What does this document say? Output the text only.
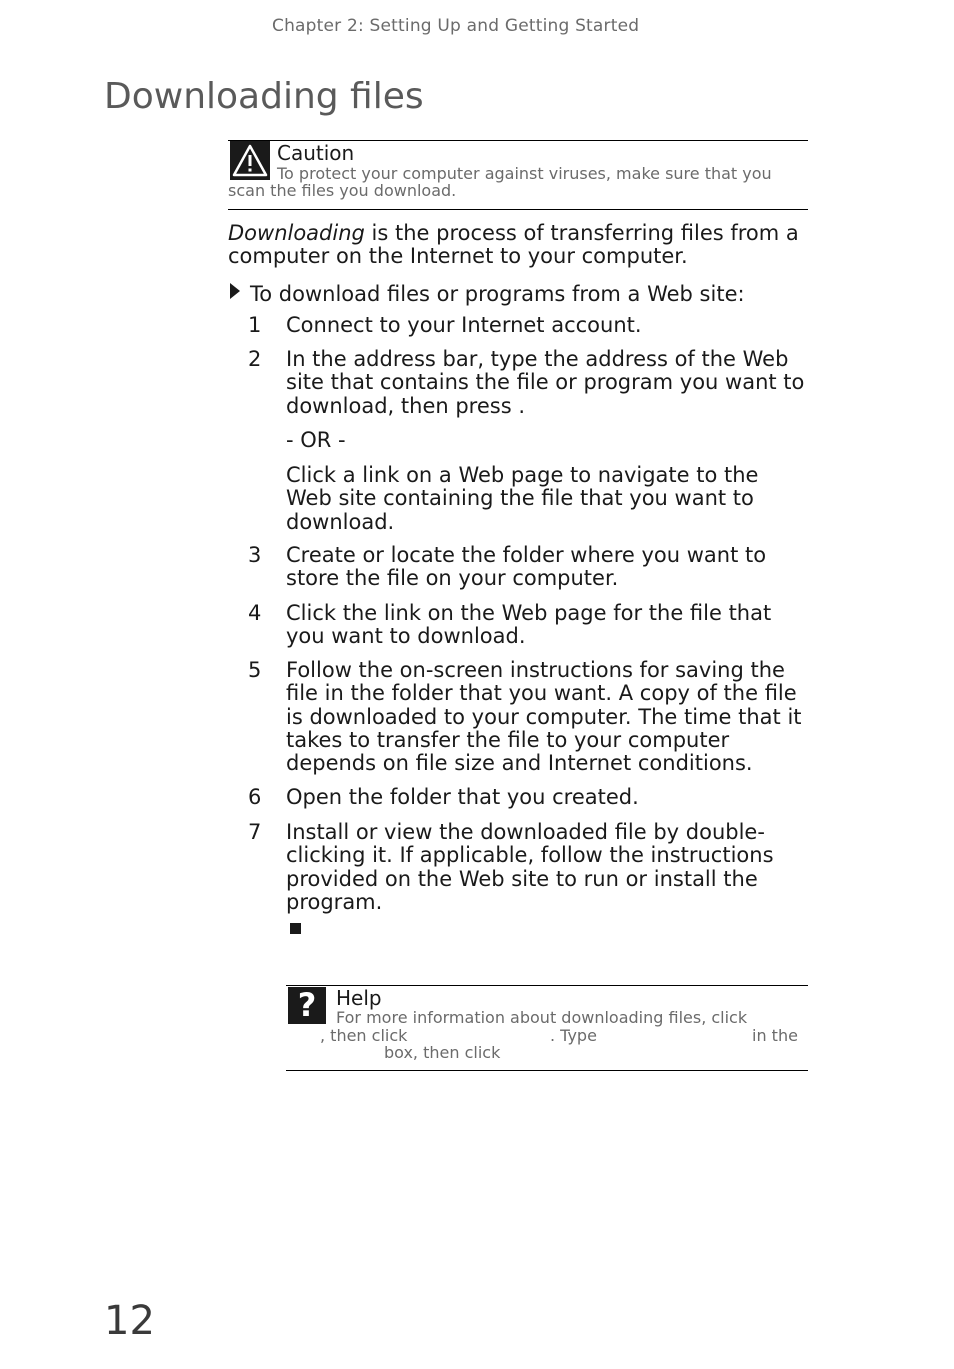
Chapter 2: Setting Up and Getting Started
Downloading files
Caution
To protect your computer against viruses, make sure that you scan the files you download.

Downloading is the process of transferring files from a computer on the Internet to your computer.

To download files or programs from a Web site:
1	Connect to your Internet account.
2	In the address bar, type the address of the Web site that contains the file or program you want to download, then press .

- OR -

Click a link on a Web page to navigate to the Web site containing the file that you want to download.

3	Create or locate the folder where you want to store the file on your computer.
4	Click the link on the Web page for the file that you want to download.
5	Follow the on-screen instructions for saving the file in the folder that you want. A copy of the file is downloaded to your computer. The time that it takes to transfer the file to your computer depends on file size and Internet conditions.
6	Open the folder that you created.
7	Install or view the downloaded file by double-clicking it. If applicable, follow the instructions provided on the Web site to run or install the program.
? Help
For more information about downloading files, click
, then click	. Type	in the
box, then click
12
